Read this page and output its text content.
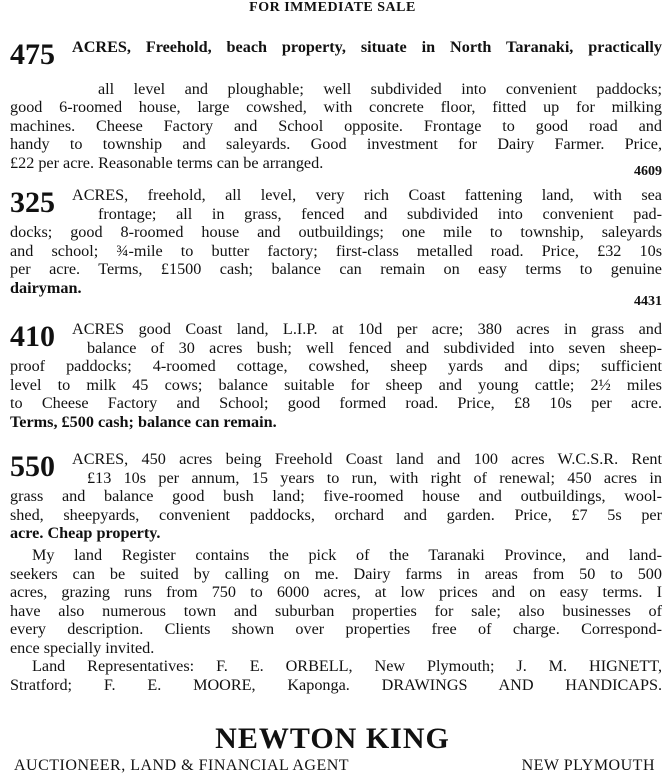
FOR IMMEDIATE SALE
475 ACRES, Freehold, beach property, situate in North Taranaki, practically
all level and ploughable; well subdivided into convenient paddocks;
good 6-roomed house, large cowshed, with concrete floor, fitted up for milking
machines. Cheese Factory and School opposite. Frontage to good road and
handy to township and saleyards. Good investment for Dairy Farmer. Price,
£22 per acre. Reasonable terms can be arranged.	4609
325 ACRES, freehold, all level, very rich Coast fattening land, with sea
frontage; all in grass, fenced and subdivided into convenient pad-
docks; good 8-roomed house and outbuildings; one mile to township, saleyards
and school; ¾-mile to butter factory; first-class metalled road. Price, £32 10s
per acre. Terms, £1500 cash; balance can remain on easy terms to genuine
dairyman.
4431
410 ACRES good Coast land, L.I.P. at 10d per acre; 380 acres in grass and
balance of 30 acres bush; well fenced and subdivided into seven sheep-
proof paddocks; 4-roomed cottage, cowshed, sheep yards and dips; sufficient
level to milk 45 cows; balance suitable for sheep and young cattle; 2½ miles
to Cheese Factory and School; good formed road. Price, £8 10s per acre.
Terms, £500 cash; balance can remain.
550 ACRES, 450 acres being Freehold Coast land and 100 acres W.C.S.R. Rent
£13 10s per annum, 15 years to run, with right of renewal; 450 acres in
grass and balance good bush land; five-roomed house and outbuildings, wool-
shed, sheepyards, convenient paddocks, orchard and garden. Price, £7 5s per
acre. Cheap property.
My land Register contains the pick of the Taranaki Province, and land-
seekers can be suited by calling on me. Dairy farms in areas from 50 to 500
acres, grazing runs from 750 to 6000 acres, at low prices and on easy terms. I
have also numerous town and suburban properties for sale; also businesses of
every description. Clients shown over properties free of charge. Correspond-
ence specially invited.
Land Representatives: F. E. ORBELL, New Plymouth; J. M. HIGNETT,
Stratford; F. E. MOORE, Kaponga. DRAWINGS AND HANDICAPS.
NEWTON KING
AUCTIONEER, LAND & FINANCIAL AGENT	NEW PLYMOUTH
